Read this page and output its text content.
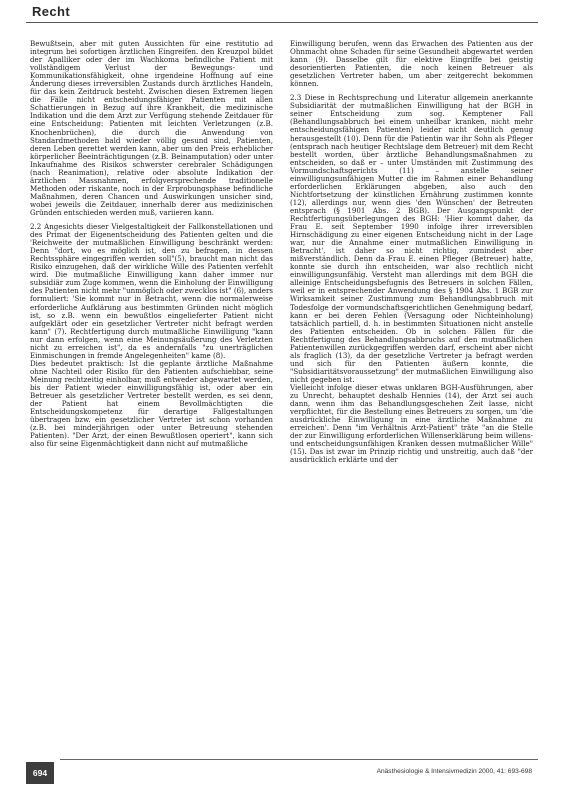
Recht

Bewußtsein, aber mit guten Aussichten für eine restitutio ad integrum bei sofortigen ärztlichen Eingreifen. den Kreuzpol bildet der Apalliker oder der im Wachkoma befindliche Patient mit vollständigem Verlust der Bewegungs- und Kommunikationsfähigkeit, ohne irgendeine Hoffnung auf eine Änderung dieses irreversiblen Zustands durch ärztliches Handeln, für das kein Zeitdruck besteht. Zwischen diesen Extremen liegen die Fälle nicht entscheidungsfähiger Patienten mit allen Schattierungen in Bezug auf ihre Krankheit, die medizinische Indikation und die dem Arzt zur Verfügung stehende Zeitdauer für eine Entscheidung: Patienten mit leichten Verletzungen (z.B. Knochenbrüchen), die durch die Anwendung von Standardmethoden bald wieder völlig gesund sind, Patienten, deren Leben gerettet werden kann, aber um den Preis erheblicher körperlicher Beeinträchtigungen (z.B. Beinamputation) oder unter Inkaufnahme des Risikos schwerster cerebraler Schädigungen (nach Reanimation), relative oder absolute Indikation der ärztlichen Massnahmen, erfolgversprechende traditionelle Methoden oder riskante, noch in der Erprobungsphase befindliche Maßnahmen, deren Chancen und Auswirkungen unsicher sind, wobei jeweils die Zeitdauer, innerhalb derer aus medizinischen Gründen entschieden werden muß, variieren kann.

2.2 Angesichts dieser Vielgestaltigkeit der Fallkonstellationen und des Primat der Eigenentscheidung des Patienten gelten und die 'Reichweite der mutmaßlichen Einwilligung beschränkt werden: Denn "dort, wo es möglich ist, den zu befragen, in dessen Rechtssphäre eingegriffen werden soll"(5), braucht man nicht das Risiko einzugehen, daß der wirkliche Wille des Patienten verfehlt wird. Die mutmaßliche Einwilligung kann daher immer nur subsidiär zum Zuge kommen, wenn die Einholung der Einwilligung des Patienten nicht mehr "unmöglich oder zwecklos ist" (6), anders formuliert: 'Sie kommt nur in Betracht, wenn die normalerweise erforderliche Aufklärung aus bestimmten Gründen nicht möglich ist, so z.B. wenn ein bewußtlos eingelieferter Patient nicht aufgeklärt oder ein gesetzlicher Vertreter nicht befragt werden kann" (7). Rechtfertigung durch mutmaßliche Einwilligung "kann nur dann erfolgen, wenn eine Meinungsäußerung des Verletzten nicht zu erreichen ist", da es andernfalls "zu unerträglichen Einmischungen in fremde Angelegenheiten" kame (8).

Dies bedeutet praktisch: Ist die geplante ärztliche Maßnahme ohne Nachteil oder Risiko für den Patienten aufschiebbar, seine Meinung rechtzeitig einholbar, muß entweder abgewartet werden, bis der Patient wieder einwilligungsfähig ist, oder aber ein Betreuer als gesetzlicher Vertreter bestellt werden, es sei denn, der Patient hat einem Bevollmächtigten die Entscheidungskompetenz für derartige Fallgestaltungen übertragen bzw. ein gesetzlicher Vertreter ist schon vorhanden (z.B. bei minderjährigen oder unter Betreuung stehenden Patienten). "Der Arzt, der einen Bewußtlosen operiert", kann sich also für seine Eigenmächtigkeit dann nicht auf mutmaßliche

Einwilligung berufen, wenn das Erwachen des Patienten aus der Ohnmacht ohne Schaden für seine Gesundheit abgewartet werden kann (9). Dasselbe gilt für elektive Eingriffe bei geistig desorientierten Patienten, die noch keinen Betreuer als gesetzlichen Vertreter haben, um aber zeitgerecht bekommen können.

2.3 Diese in Rechtsprechung und Literatur allgemein anerkannte Subsidiarität der mutmaßlichen Einwilligung hat der BGH in seiner Entscheidung zum sog. Kemptener Fall (Behandlungsabbruch bei einem unheilbar kranken, nicht mehr entscheidungsfähigen Patienten) leider nicht deutlich genug herausgestellt (10). Denn für die Patientin war ihr Sohn als Pfleger (entsprach nach heutiger Rechtslage dem Betreuer) mit dem Recht bestellt worden, über ärztliche Behandlungsmaßnahmen zu entscheiden, so daß er – unter Umständen mit Zustimmung des Vormundschaftsgerichts (11) – anstelle seiner einwilligungsunfähigen Mutter die im Rahmen einer Behandlung erforderlichen Erklärungen abgeben, also auch den Nichtfortsetzung der künstlichen Ernährung zustimmen konnte (12), allerdings nur, wenn dies 'den Wünschen' der Betreuten entsprach (§ 1901 Abs. 2 BGB). Der Ausgangspunkt der Rechtfertigungsüberlegungen des BGH: 'Hier kommt daher, da Frau E. seit September 1990 infolge ihrer irreversiblen Hirnschädigung zu einer eigenen Entscheidung nicht in der Lage war, nur die Annahme einer mutmaßlichen Einwilligung in Betracht', ist daher so nicht richtig, zumindest aber mißverständlich. Denn da Frau E. einen Pfleger (Betreuer) hatte, konnte sie durch ihn entscheiden, war also rechtlich nicht einwilligungsunfähig. Versteht man allerdings mit dem BGH die alleinige Entscheidungsbefugnis des Betreuers in solchen Fällen, weil er in entsprechender Anwendung des § 1904 Abs. 1 BGB zur Wirksamkeit seiner Zustimmung zum Behandlungsabbruch mit Todesfolge der vormundschaftsgerichtlichen Genehmigung bedarf, kann er bei deren Fehlen (Versagung oder Nichteinholung) tatsächlich partiell, d. h. in bestimmten Situationen nicht anstelle des Patienten entscheiden. Ob in solchen Fällen für die Rechtfertigung des Behandlungsabbruchs auf den mutmaßlichen Patientenwillen zurückgegriffen werden darf, erscheint aber nicht als fraglich (13), da der gesetzliche Vertreter ja befragt werden und sich für den Patienten äußern konnte, die "Subsidiaritätsvoraussetzung" der mutmaßlichen Einwilligung also nicht gegeben ist.

Vielleicht infolge dieser etwas unklaren BGH-Ausführungen, aber zu Unrecht, behauptet deshalb Hennies (14), der Arzt sei auch dann, wenn ihm das Behandlungsgeschehen Zeit lasse, nicht verpflichtet, für die Bestellung eines Betreuers zu sorgen, um 'die ausdrückliche Einwilligung in eine ärztliche Maßnahme zu erreichen'. Denn "im Verhältnis Arzt-Patient" träte "an die Stelle der zur Einwilligung erforderlichen Willenserklärung beim willens- und entscheidungsunfähigen Kranken dessen mutmaßlicher Wille" (15). Das ist zwar im Prinzip richtig und unstreitig, auch daß "der ausdrücklich erklärte und der

694	Anästhesiologie & Intensivmedizin 2000, 41: 693-698
